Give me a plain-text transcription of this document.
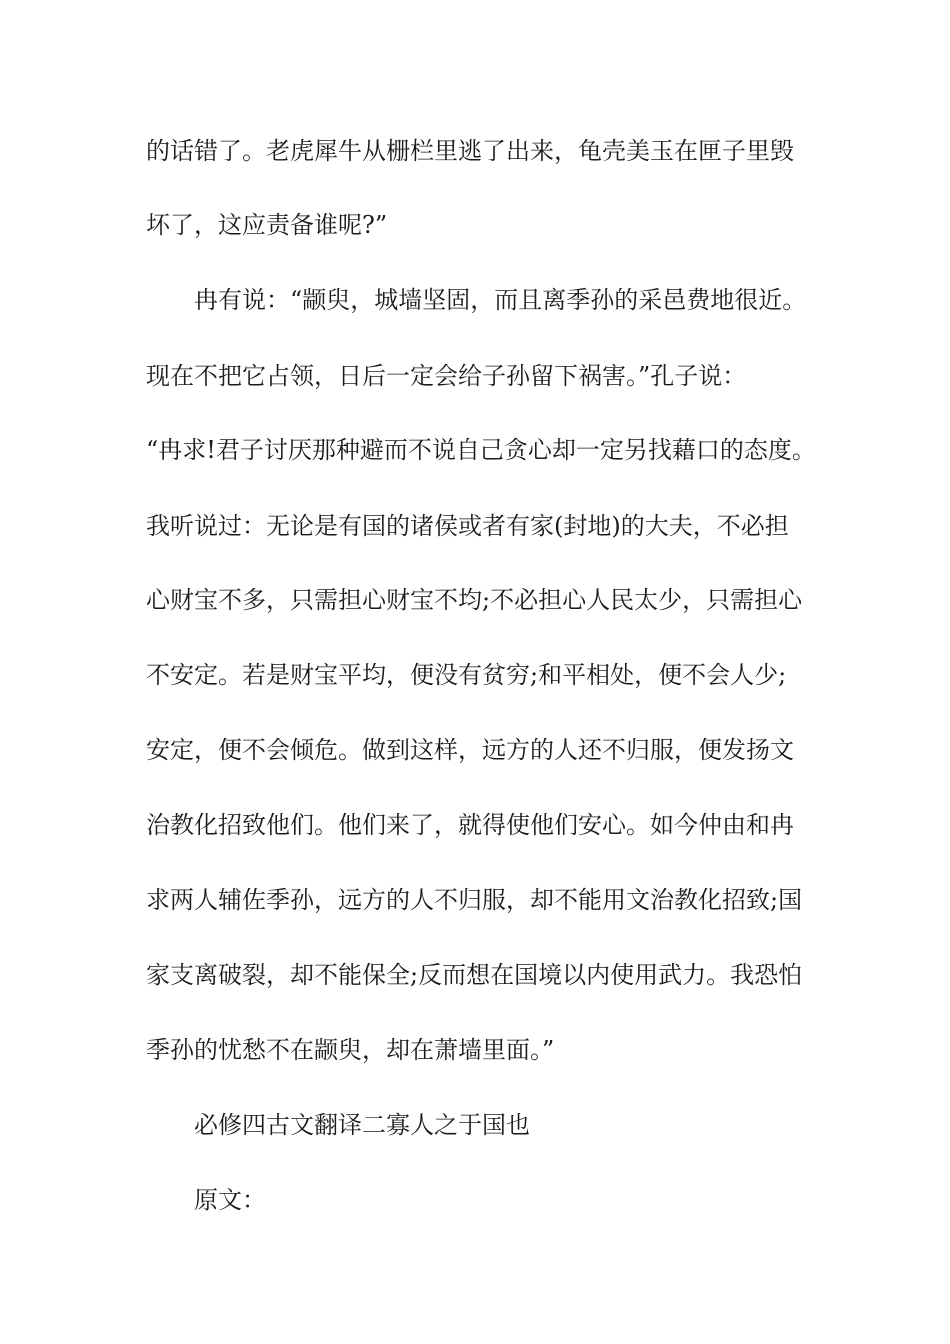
的话错了。老虎犀牛从栅栏里逃了出来，龟壳美玉在匣子里毁

坏了，这应责备谁呢?”

冉有说：“颛臾，城墙坚固，而且离季孙的采邑费地很近。

现在不把它占领，日后一定会给子孙留下祸害。”孔子说：

“冉求!君子讨厌那种避而不说自己贪心却一定另找藉口的态度。

我听说过：无论是有国的诸侯或者有家(封地)的大夫，不必担

心财宝不多，只需担心财宝不均;不必担心人民太少，只需担心

不安定。若是财宝平均，便没有贫穷;和平相处，便不会人少;

安定，便不会倾危。做到这样，远方的人还不归服，便发扬文

治教化招致他们。他们来了，就得使他们安心。如今仲由和冉

求两人辅佐季孙，远方的人不归服，却不能用文治教化招致;国

家支离破裂，却不能保全;反而想在国境以内使用武力。我恐怕

季孙的忧愁不在颛臾，却在萧墙里面。”

必修四古文翻译二寡人之于国也

原文：
